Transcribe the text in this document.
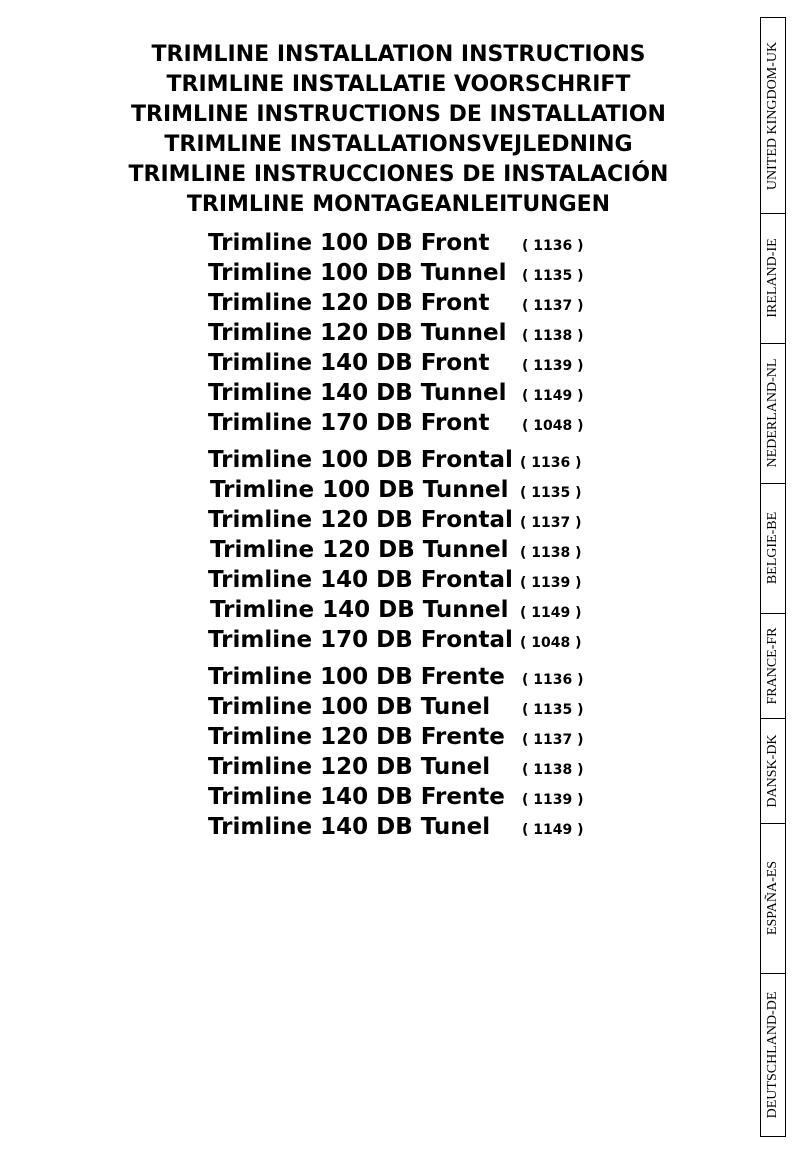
TRIMLINE INSTALLATION INSTRUCTIONS
TRIMLINE INSTALLATIE VOORSCHRIFT
TRIMLINE INSTRUCTIONS DE INSTALLATION
TRIMLINE INSTALLATIONSVEJLEDNING
TRIMLINE INSTRUCCIONES DE INSTALACIÓN
TRIMLINE MONTAGEANLEITUNGEN
Trimline 100 DB Front ( 1136 )
Trimline 100 DB Tunnel ( 1135 )
Trimline 120 DB Front ( 1137 )
Trimline 120 DB Tunnel ( 1138 )
Trimline 140 DB Front ( 1139 )
Trimline 140 DB Tunnel ( 1149 )
Trimline 170 DB Front ( 1048 )
Trimline 100 DB Frontal ( 1136 )
Trimline 100 DB Tunnel ( 1135 )
Trimline 120 DB Frontal ( 1137 )
Trimline 120 DB Tunnel ( 1138 )
Trimline 140 DB Frontal ( 1139 )
Trimline 140 DB Tunnel ( 1149 )
Trimline 170 DB Frontal ( 1048 )
Trimline 100 DB Frente ( 1136 )
Trimline 100 DB Tunel ( 1135 )
Trimline 120 DB Frente ( 1137 )
Trimline 120 DB Tunel ( 1138 )
Trimline 140 DB Frente ( 1139 )
Trimline 140 DB Tunel ( 1149 )
UNITED KINGDOM-UK
IRELAND-IE
NEDERLAND-NL
BELGIE-BE
FRANCE-FR
DANSK-DK
ESPAÑA-ES
DEUTSCHLAND-DE
